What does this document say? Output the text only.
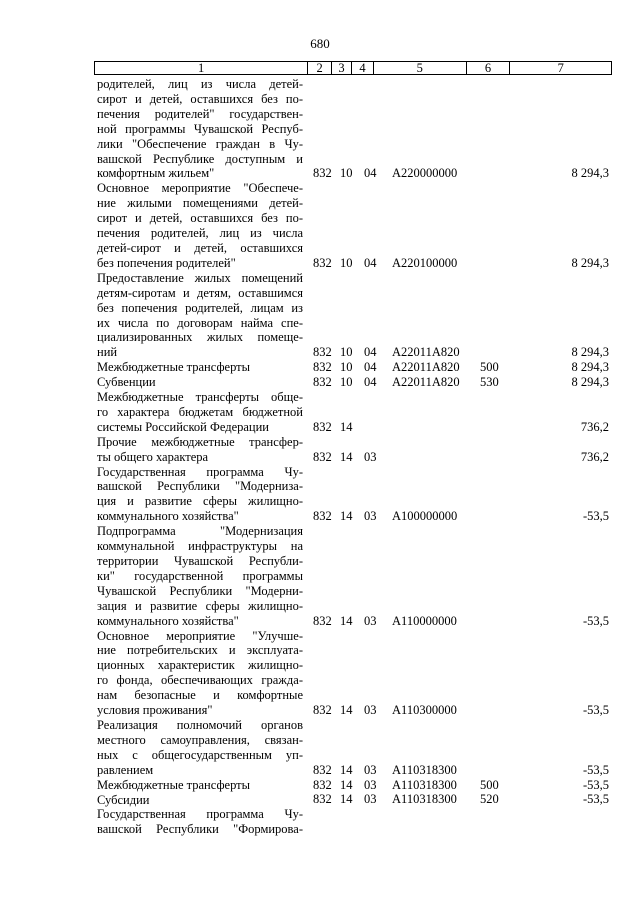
680
1	2	3	4	5	6	7
родителей, лиц из числа детей-
сирот и детей, оставшихся без по-
печения родителей" государствен-
ной программы Чувашской Респуб-
лики "Обеспечение граждан в Чу-
вашской Республике доступным и
комфортным жильем"	832 10 04 A220000000	8 294,3
Основное мероприятие "Обеспече-
ние жилыми помещениями детей-
сирот и детей, оставшихся без по-
печения родителей, лиц из числа
детей-сирот и детей, оставшихся
без попечения родителей"	832 10 04 A220100000	8 294,3
Предоставление жилых помещений
детям-сиротам и детям, оставшимся
без попечения родителей, лицам из
их числа по договорам найма спе-
циализированных жилых помеще-
ний	832 10 04 A22011A820	8 294,3
Межбюджетные трансферты	832 10 04 A22011A820 500	8 294,3
Субвенции	832 10 04 A22011A820 530	8 294,3
Межбюджетные трансферты обще-
го характера бюджетам бюджетной
системы Российской Федерации	832 14	736,2
Прочие межбюджетные трансфер-
ты общего характера	832 14 03	736,2
Государственная программа Чу-
вашской Республики "Модерниза-
ция и развитие сферы жилищно-
коммунального хозяйства"	832 14 03 A100000000	-53,5
Подпрограмма "Модернизация
коммунальной инфраструктуры на
территории Чувашской Республи-
ки" государственной программы
Чувашской Республики "Модерни-
зация и развитие сферы жилищно-
коммунального хозяйства"	832 14 03 A110000000	-53,5
Основное мероприятие "Улучше-
ние потребительских и эксплуата-
ционных характеристик жилищно-
го фонда, обеспечивающих гражда-
нам безопасные и комфортные
условия проживания"	832 14 03 A110300000	-53,5
Реализация полномочий органов
местного самоуправления, связан-
ных с общегосударственным уп-
равлением	832 14 03 A110318300	-53,5
Межбюджетные трансферты	832 14 03 A110318300 500	-53,5
Субсидии	832 14 03 A110318300 520	-53,5
Государственная программа Чу-
вашской Республики "Формирова-
